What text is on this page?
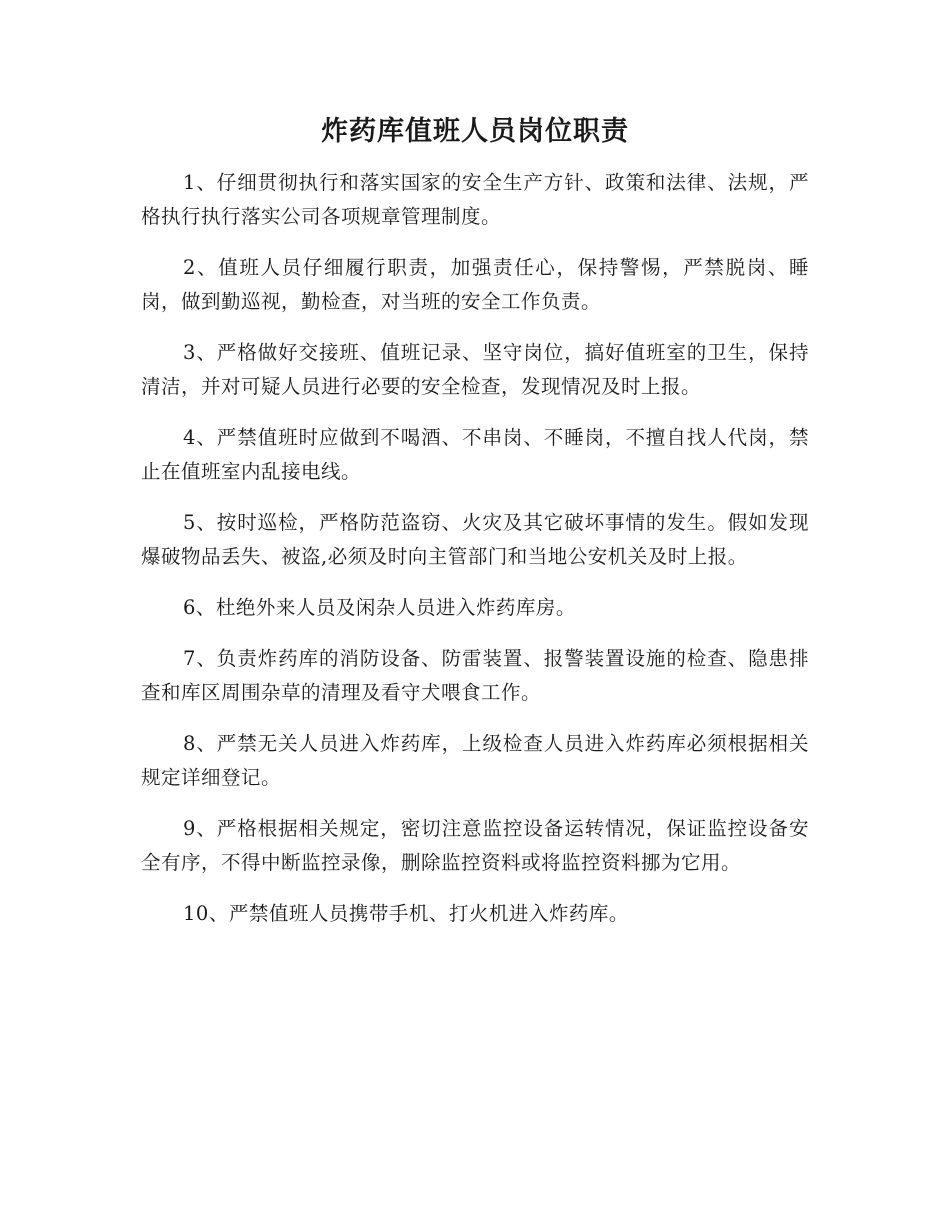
炸药库值班人员岗位职责

1、仔细贯彻执行和落实国家的安全生产方针、政策和法律、法规，严格执行执行落实公司各项规章管理制度。

2、值班人员仔细履行职责，加强责任心，保持警惕，严禁脱岗、睡岗，做到勤巡视，勤检查，对当班的安全工作负责。

3、严格做好交接班、值班记录、坚守岗位，搞好值班室的卫生，保持清洁，并对可疑人员进行必要的安全检查，发现情况及时上报。

4、严禁值班时应做到不喝酒、不串岗、不睡岗，不擅自找人代岗，禁止在值班室内乱接电线。

5、按时巡检，严格防范盗窃、火灾及其它破坏事情的发生。假如发现爆破物品丢失、被盗,必须及时向主管部门和当地公安机关及时上报。

6、杜绝外来人员及闲杂人员进入炸药库房。

7、负责炸药库的消防设备、防雷装置、报警装置设施的检查、隐患排查和库区周围杂草的清理及看守犬喂食工作。

8、严禁无关人员进入炸药库，上级检查人员进入炸药库必须根据相关规定详细登记。

9、严格根据相关规定，密切注意监控设备运转情况，保证监控设备安全有序，不得中断监控录像，删除监控资料或将监控资料挪为它用。

10、严禁值班人员携带手机、打火机进入炸药库。
